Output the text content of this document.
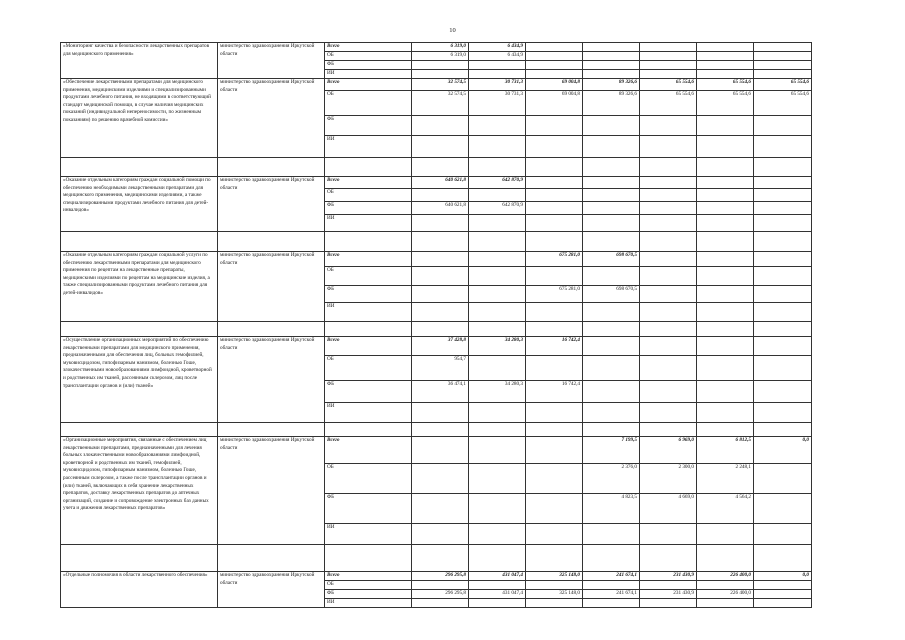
10
«Мониторинг качества и безопасности лекарственных препаратов для медицинского применения»	министерство здравоохранения Иркутской области	Всего	6 319,0	6 434,9					
		ОБ	6 319,0	6 434,9					
		ФБ							
		ИИ							
«Обеспечение лекарственными препаратами для медицинского применения, медицинскими изделиями и специализированными продуктами лечебного питания, не входящими в соответствующий стандарт медицинской помощи, в случае наличия медицинских показаний (индивидуальной непереносимости, по жизненным показаниям) по решению врачебной комиссии»	министерство здравоохранения Иркутской области	Всего	32 574,5	30 731,3	69 004,8	89 326,6	65 554,6	65 554,6	65 554,6
		ОБ	32 574,5	30 731,3	69 004,8	89 326,6	65 554,6	65 554,6	65 554,6
		ФБ							
		ИИ							

«Оказание отдельным категориям граждан социальной помощи по обеспечению необходимыми лекарственными препаратами для медицинского применения, медицинскими изделиями, а также специализированными продуктами лечебного питания для детей-инвалидов»	министерство здравоохранения Иркутской области	Всего	640 621,8	642 870,9					
		ОБ							
		ФБ	640 621,8	642 870,9					
		ИИ							

«Оказание отдельным категориям граждан социальной услуги по обеспечению лекарственными препаратами для медицинского применения по рецептам на лекарственные препараты, медицинскими изделиями по рецептам на медицинские изделия, а также специализированными продуктами лечебного питания для детей-инвалидов»	министерство здравоохранения Иркутской области	Всего			675 281,0	698 670,5			
		ОБ							
		ФБ			675 281,0	698 670,5			
		ИИ							

«Осуществление организационных мероприятий по обеспечению лекарственными препаратами для медицинского применения, предназначенными для обеспечения лиц, больных гемофилией, муковисцидозом, гипофизарным нанизмом, болезнью Гоше, злокачественными новообразованиями лимфоидной, кроветворной и родственных им тканей, рассеянным склерозом, лиц после трансплантации органов и (или) тканей»	министерство здравоохранения Иркутской области	Всего	37 428,8	34 280,3	16 742,4				
		ОБ	954,7						
		ФБ	36 474,1	34 280,3	16 742,4				
		ИИ							

«Организационные мероприятия, связанные с обеспечением лиц лекарственными препаратами, предназначенными для лечения больных злокачественными новообразованиями лимфоидной, кроветворной и родственных им тканей, гемофилией, муковисцидозом, гипофизарным нанизмом, болезнью Гоше, рассеянным склерозом, а также после трансплантации органов и (или) тканей, включающих в себя хранение лекарственных препаратов, доставку лекарственных препаратов до аптечных организаций, создание и сопровождение электронных баз данных учета и движения лекарственных препаратов»	министерство здравоохранения Иркутской области	Всего				7 199,5	6 969,0	6 812,5	0,0
		ОБ				2 376,0	2 300,0	2 248,1	
		ФБ				4 823,5	4 669,0	4 564,2	
		ИИ							

«Отдельные полномочия в области лекарственного обеспечения»	министерство здравоохранения Иркутской области	Всего	296 295,8	431 047,4	325 148,0	241 674,1	231 430,9	226 400,0	0,0
		ОБ							
		ФБ	296 295,8	431 047,4	325 148,0	241 674,1	231 430,9	226 400,0	
		ИИ							
